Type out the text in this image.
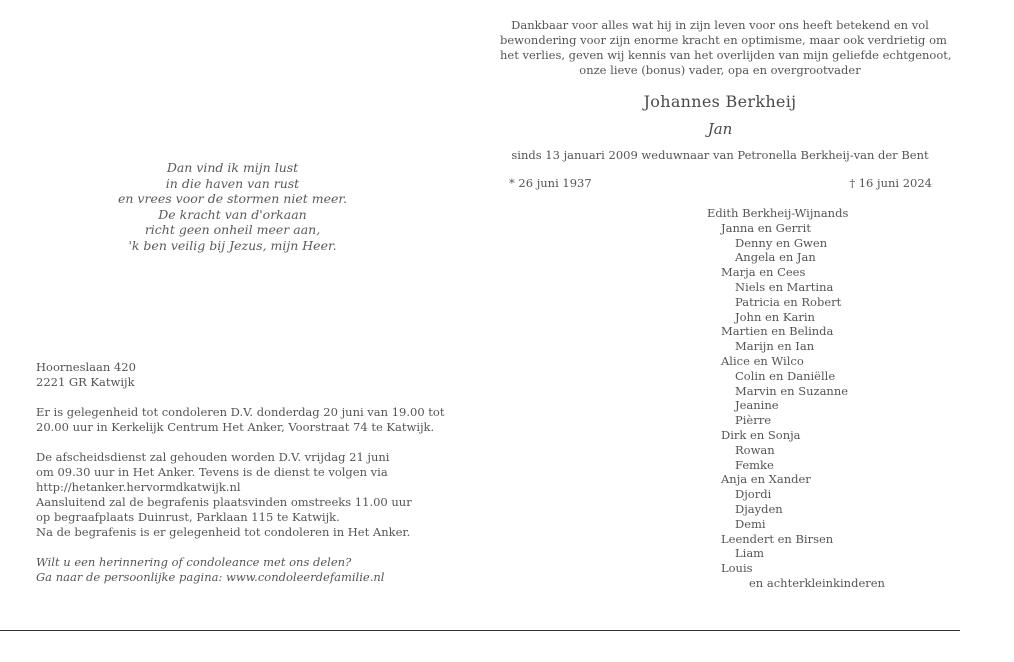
Dan vind ik mijn lust
in die haven van rust
en vrees voor de stormen niet meer.
De kracht van d'orkaan
richt geen onheil meer aan,
'k ben veilig bij Jezus, mijn Heer.
Hoorneslaan 420
2221 GR Katwijk
Er is gelegenheid tot condoleren D.V. donderdag 20 juni van 19.00 tot
20.00 uur in Kerkelijk Centrum Het Anker, Voorstraat 74 te Katwijk.
De afscheidsdienst zal gehouden worden D.V. vrijdag 21 juni
om 09.30 uur in Het Anker. Tevens is de dienst te volgen via
http://hetanker.hervormdkatwijk.nl
Aansluitend zal de begrafenis plaatsvinden omstreeks 11.00 uur
op begraafplaats Duinrust, Parklaan 115 te Katwijk.
Na de begrafenis is er gelegenheid tot condoleren in Het Anker.
Wilt u een herinnering of condoleance met ons delen?
Ga naar de persoonlijke pagina: www.condoleerdefamilie.nl
Dankbaar voor alles wat hij in zijn leven voor ons heeft betekend en vol
bewondering voor zijn enorme kracht en optimisme, maar ook verdrietig om
het verlies, geven wij kennis van het overlijden van mijn geliefde echtgenoot,
onze lieve (bonus) vader, opa en overgrootvader
Johannes Berkheij
Jan
sinds 13 januari 2009 weduwnaar van Petronella Berkheij-van der Bent
* 26 juni 1937	† 16 juni 2024
Edith Berkheij-Wijnands
Janna en Gerrit
Denny en Gwen
Angela en Jan
Marja en Cees
Niels en Martina
Patricia en Robert
John en Karin
Martien en Belinda
Marijn en Ian
Alice en Wilco
Colin en Daniëlle
Marvin en Suzanne
Jeanine
Pièrre
Dirk en Sonja
Rowan
Femke
Anja en Xander
Djordi
Djayden
Demi
Leendert en Birsen
Liam
Louis
en achterkleinkinderen
